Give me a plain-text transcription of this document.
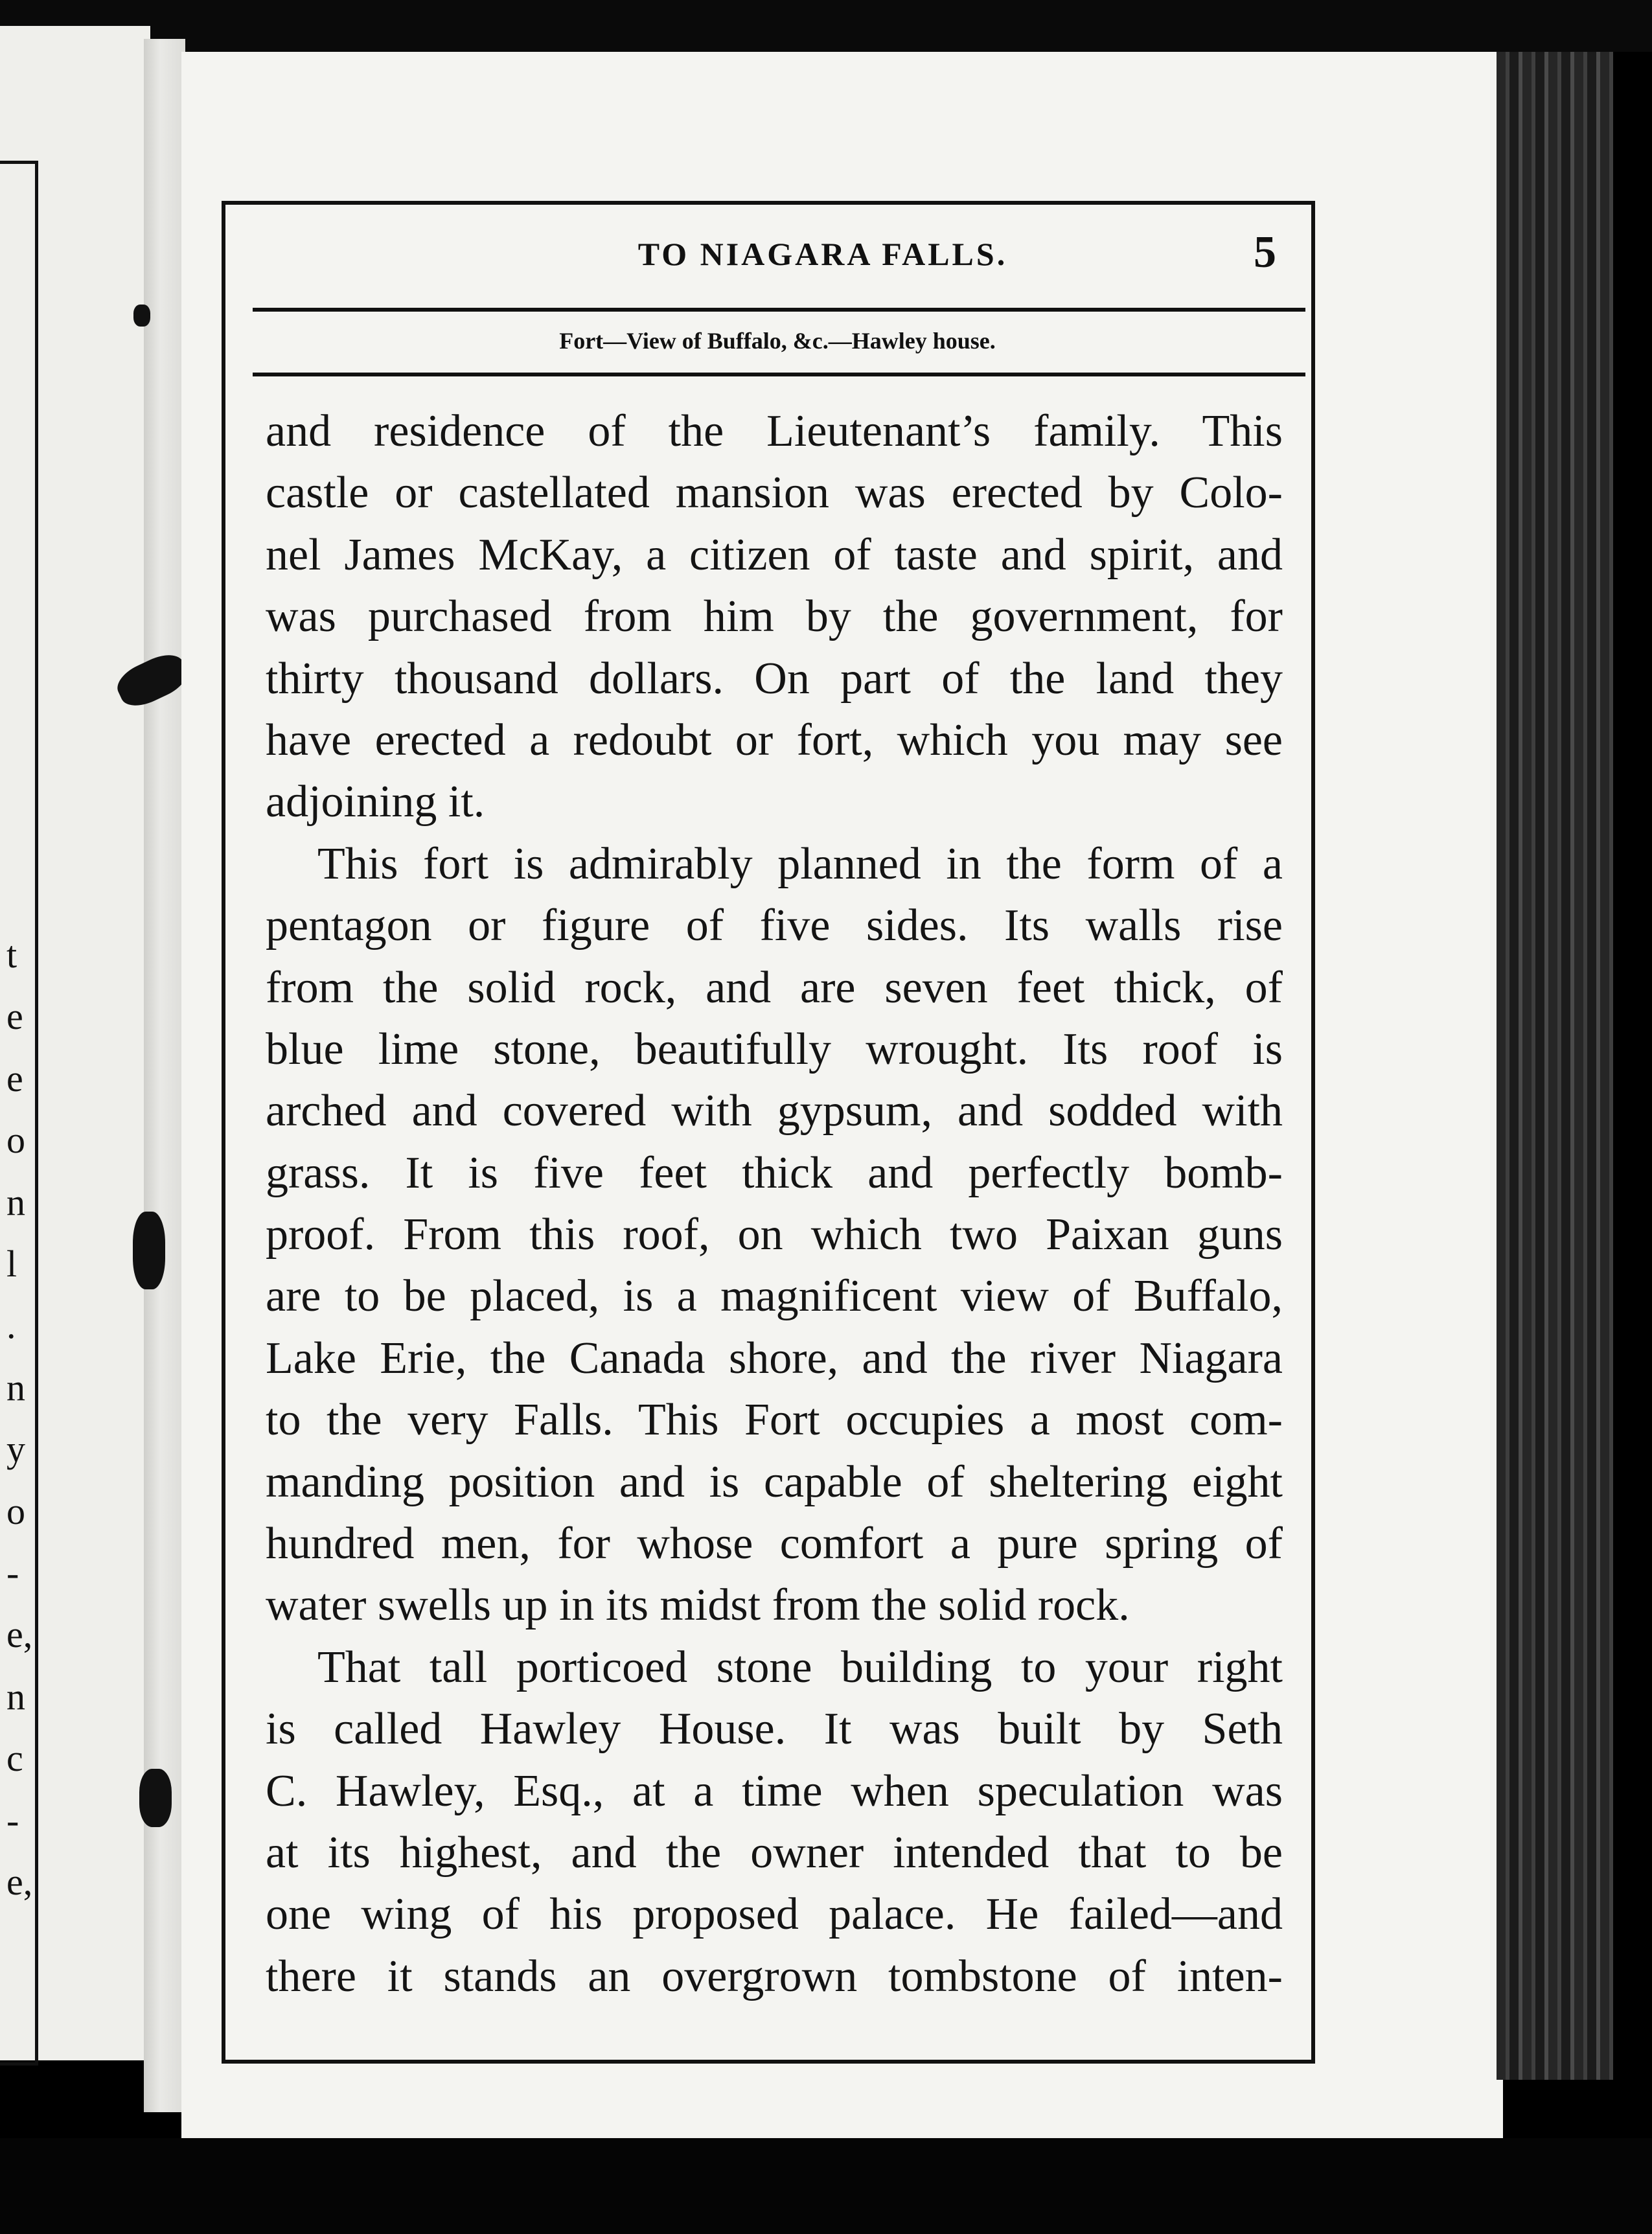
t
e
e
o
n
l
.
n
y
o
-
e,
n
c
-
e,
TO NIAGARA FALLS.	5
Fort—View of Buffalo, &c.—Hawley house.
and residence of the Lieutenant’s family. This
castle or castellated mansion was erected by Colo-
nel James McKay, a citizen of taste and spirit, and
was purchased from him by the government, for
thirty thousand dollars. On part of the land they
have erected a redoubt or fort, which you may see
adjoining it.
This fort is admirably planned in the form of a
pentagon or figure of five sides. Its walls rise
from the solid rock, and are seven feet thick, of
blue lime stone, beautifully wrought. Its roof is
arched and covered with gypsum, and sodded with
grass. It is five feet thick and perfectly bomb-
proof. From this roof, on which two Paixan guns
are to be placed, is a magnificent view of Buffalo,
Lake Erie, the Canada shore, and the river Niagara
to the very Falls. This Fort occupies a most com-
manding position and is capable of sheltering eight
hundred men, for whose comfort a pure spring of
water swells up in its midst from the solid rock.
That tall porticoed stone building to your right
is called Hawley House. It was built by Seth
C. Hawley, Esq., at a time when speculation was
at its highest, and the owner intended that to be
one wing of his proposed palace. He failed—and
there it stands an overgrown tombstone of inten-
